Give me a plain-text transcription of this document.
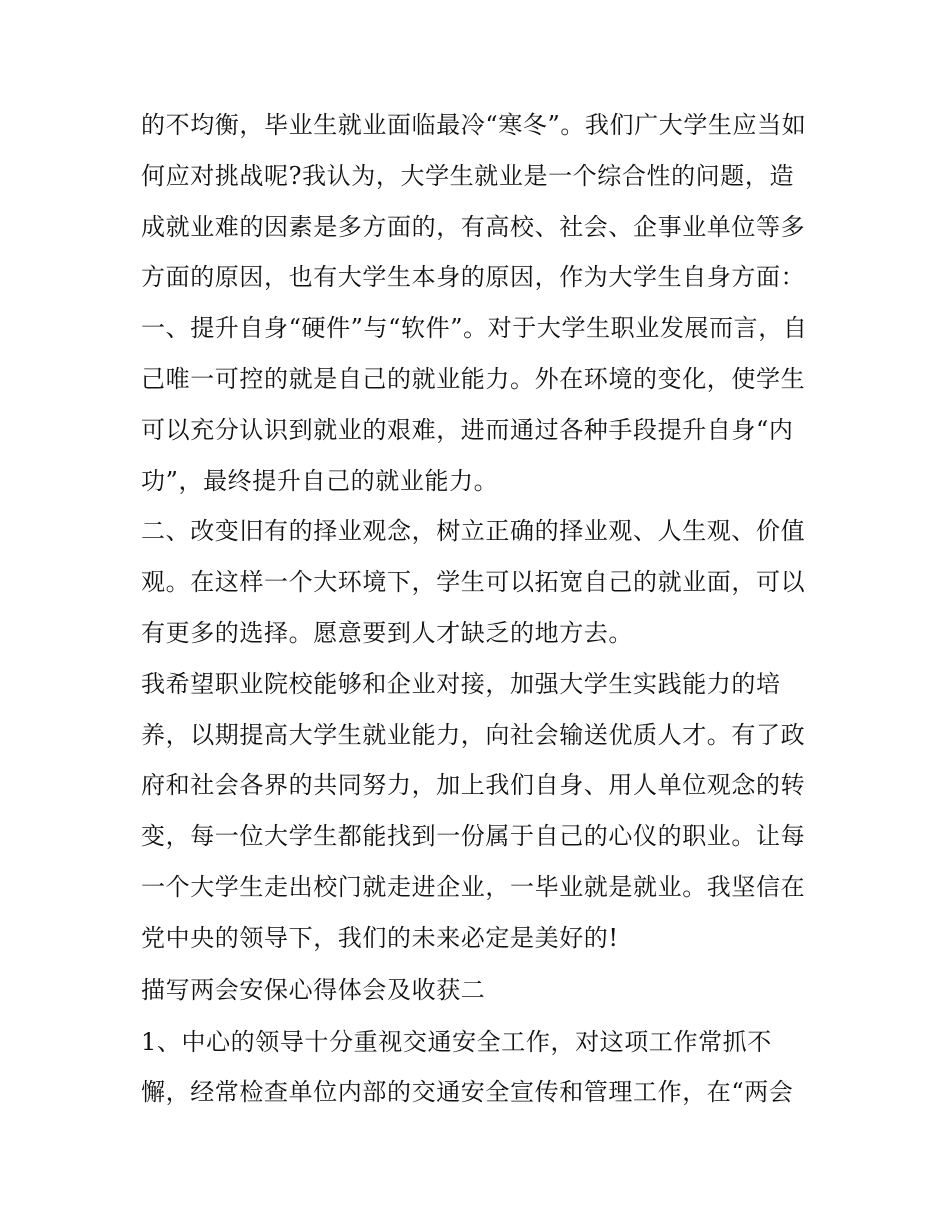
的不均衡，毕业生就业面临最冷“寒冬”。我们广大学生应当如
何应对挑战呢?我认为，大学生就业是一个综合性的问题，造
成就业难的因素是多方面的，有高校、社会、企事业单位等多
方面的原因，也有大学生本身的原因，作为大学生自身方面：
一、提升自身“硬件”与“软件”。对于大学生职业发展而言，自
己唯一可控的就是自己的就业能力。外在环境的变化，使学生
可以充分认识到就业的艰难，进而通过各种手段提升自身“内
功”，最终提升自己的就业能力。
二、改变旧有的择业观念，树立正确的择业观、人生观、价值
观。在这样一个大环境下，学生可以拓宽自己的就业面，可以
有更多的选择。愿意要到人才缺乏的地方去。
我希望职业院校能够和企业对接，加强大学生实践能力的培
养，以期提高大学生就业能力，向社会输送优质人才。有了政
府和社会各界的共同努力，加上我们自身、用人单位观念的转
变，每一位大学生都能找到一份属于自己的心仪的职业。让每
一个大学生走出校门就走进企业，一毕业就是就业。我坚信在
党中央的领导下，我们的未来必定是美好的!
描写两会安保心得体会及收获二
1、中心的领导十分重视交通安全工作，对这项工作常抓不
懈，经常检查单位内部的交通安全宣传和管理工作，在“两会
